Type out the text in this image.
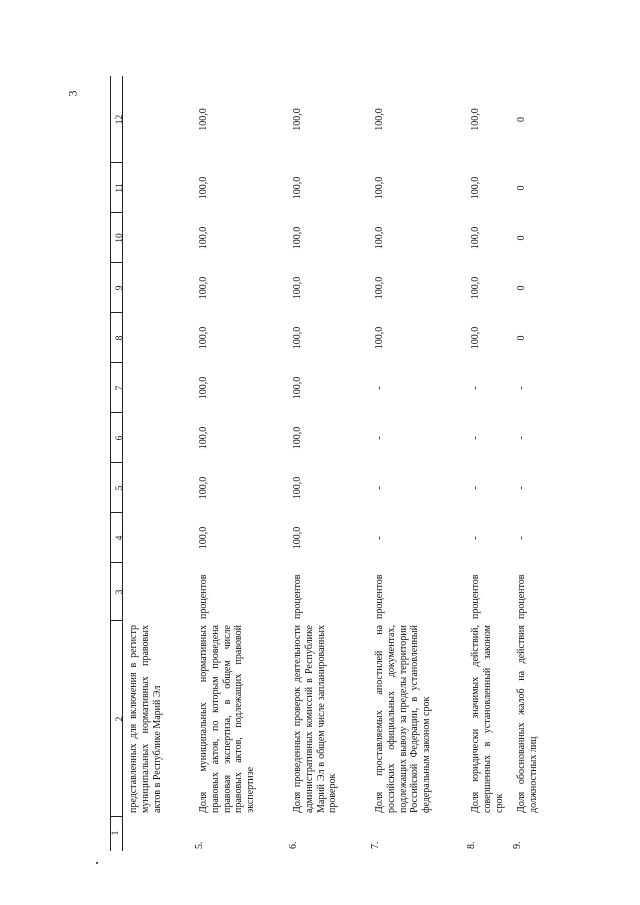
3
1
2
3
4
5
6
7
8
9
10
11
12
представленных для включения в регистр муниципальных нормативных правовых актов в Республике Марий Эл
5.
Доля муниципальных нормативных правовых актов, по которым проведена правовая экспертиза, в общем числе правовых актов, подлежащих правовой экспертизе
процентов
100,0
100,0
100,0
100,0
100,0
100,0
100,0
100,0
100,0
6.
Доля проведенных проверок деятельности административных комиссий в Республике Марий Эл в общем числе запланированных проверок
процентов
100,0
100,0
100,0
100,0
100,0
100,0
100,0
100,0
100,0
7.
Доля проставляемых апостилей на российских официальных документах, подлежащих вывозу за пределы территории Российской Федерации, в установленный федеральным законом срок
процентов
-
-
-
-
100,0
100,0
100,0
100,0
100,0
8.
Доля юридически значимых действий, совершенных в установленный законом срок
процентов
-
-
-
-
100,0
100,0
100,0
100,0
100,0
9.
Доля обоснованных жалоб на действия должностных лиц
процентов
-
-
-
-
0
0
0
0
0
